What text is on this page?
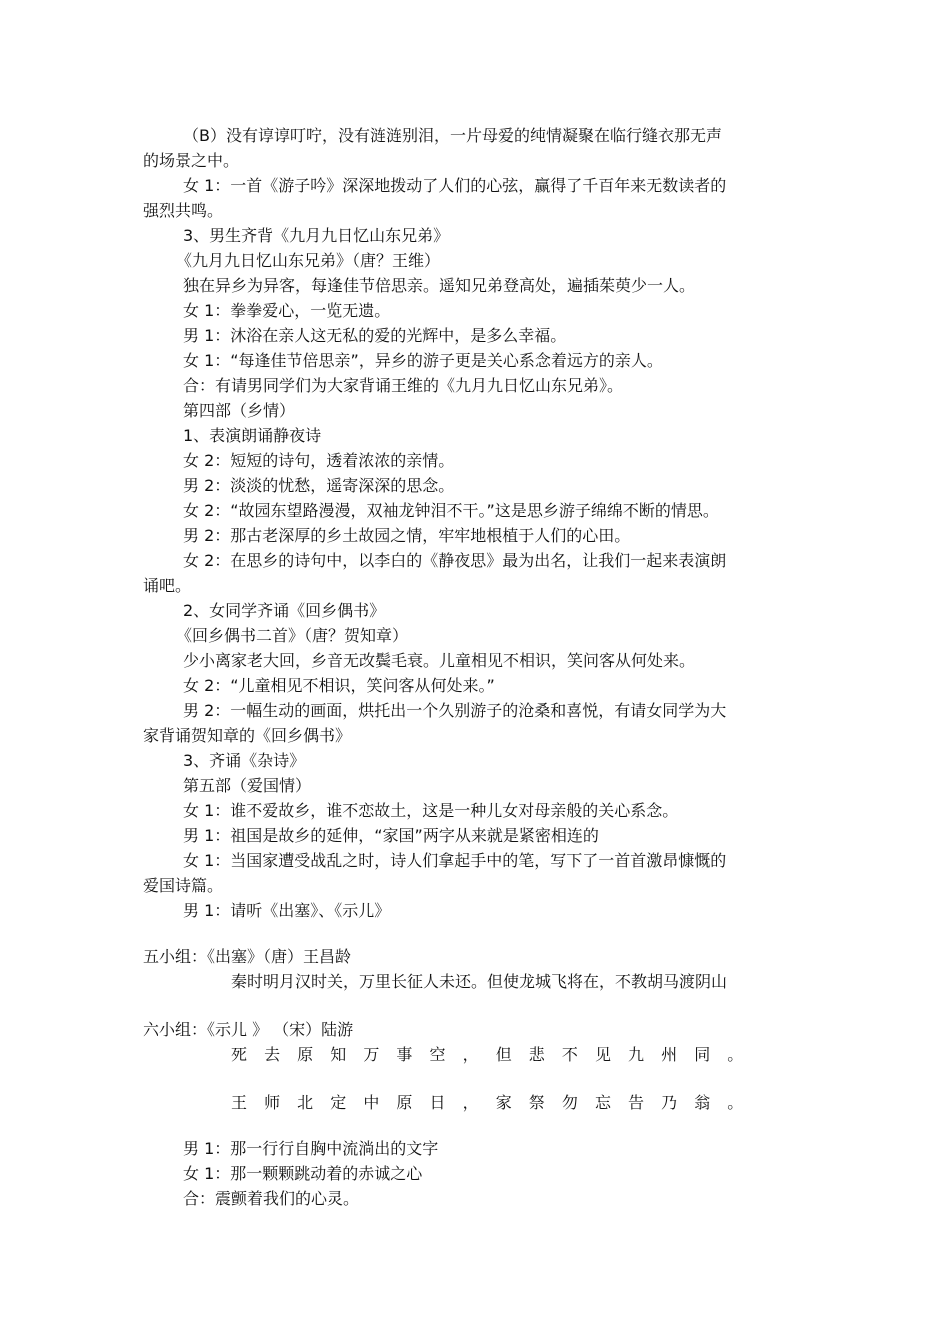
（B）没有谆谆叮咛，没有涟涟别泪，一片母爱的纯情凝聚在临行缝衣那无声
的场景之中。
女 1：一首《游子吟》深深地拨动了人们的心弦，赢得了千百年来无数读者的
强烈共鸣。
3、男生齐背《九月九日忆山东兄弟》
《九月九日忆山东兄弟》（唐？王维）
独在异乡为异客，每逢佳节倍思亲。遥知兄弟登高处，遍插茱萸少一人。
女 1：拳拳爱心，一览无遗。
男 1：沐浴在亲人这无私的爱的光辉中，是多么幸福。
女 1：“每逢佳节倍思亲”，异乡的游子更是关心系念着远方的亲人。
合：有请男同学们为大家背诵王维的《九月九日忆山东兄弟》。
第四部（乡情）
1、表演朗诵静夜诗
女 2：短短的诗句，透着浓浓的亲情。
男 2：淡淡的忧愁，遥寄深深的思念。
女 2：“故园东望路漫漫，双袖龙钟泪不干。”这是思乡游子绵绵不断的情思。
男 2：那古老深厚的乡土故园之情，牢牢地根植于人们的心田。
女 2：在思乡的诗句中，以李白的《静夜思》最为出名，让我们一起来表演朗
诵吧。
2、女同学齐诵《回乡偶书》
《回乡偶书二首》（唐？贺知章）
少小离家老大回，乡音无改鬓毛衰。儿童相见不相识，笑问客从何处来。
女 2：“儿童相见不相识，笑问客从何处来。”
男 2：一幅生动的画面，烘托出一个久别游子的沧桑和喜悦，有请女同学为大
家背诵贺知章的《回乡偶书》
3、齐诵《杂诗》
第五部（爱国情）
女 1：谁不爱故乡，谁不恋故土，这是一种儿女对母亲般的关心系念。
男 1：祖国是故乡的延伸，“家国”两字从来就是紧密相连的
女 1：当国家遭受战乱之时，诗人们拿起手中的笔，写下了一首首激昂慷慨的
爱国诗篇。
男 1：请听《出塞》、《示儿》
五小组：《出塞》（唐）王昌龄
秦时明月汉时关，万里长征人未还。但使龙城飞将在，不教胡马渡阴山
六小组：《示儿 》 （宋）陆游
死 去 原 知 万 事 空 ， 但 悲 不 见 九 州 同 。
王 师 北 定 中 原 日 ， 家 祭 勿 忘 告 乃 翁 。
男 1：那一行行自胸中流淌出的文字
女 1：那一颗颗跳动着的赤诚之心
合：震颤着我们的心灵。
